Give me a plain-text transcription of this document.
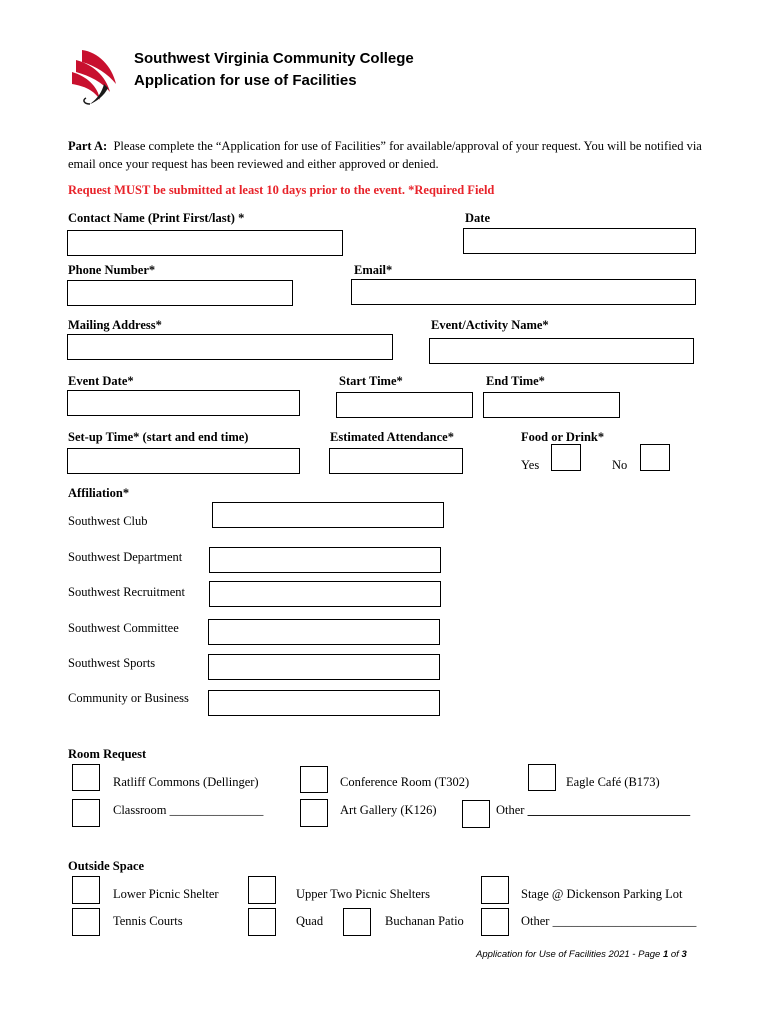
Southwest Virginia Community College
Application for use of Facilities
Part A: Please complete the “Application for use of Facilities” for available/approval of your request. You will be notified via email once your request has been reviewed and either approved or denied.
Request MUST be submitted at least 10 days prior to the event. *Required Field
Contact Name (Print First/last) *	Date
Phone Number*	Email*
Mailing Address*	Event/Activity Name*
Event Date*	Start Time*	End Time*
Set-up Time* (start and end time)	Estimated Attendance*	Food or Drink*
Yes	No
Affiliation*
Southwest Club
Southwest Department
Southwest Recruitment
Southwest Committee
Southwest Sports
Community or Business
Room Request
Ratliff Commons (Dellinger)	Conference Room (T302)	Eagle Café (B173)
Classroom _______________	Art Gallery (K126)	Other __________________________
Outside Space
Lower Picnic Shelter	Upper Two Picnic Shelters	Stage @ Dickenson Parking Lot
Tennis Courts	Quad	Buchanan Patio	Other _______________________
Application for Use of Facilities 2021 - Page 1 of 3
